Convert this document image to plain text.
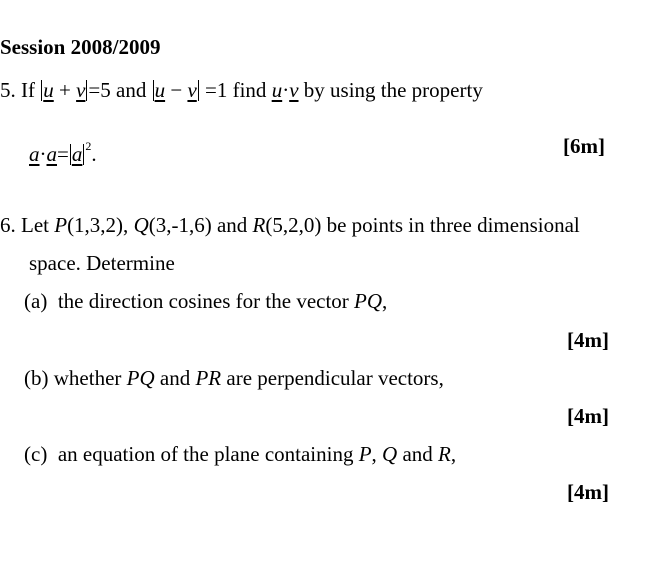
Session 2008/2009
5. If u + v =5 and u − v =1 find u·v by using the property
a·a= a $^2$.	[6m]
6. Let P(1,3,2), Q(3,-1,6) and R(5,2,0) be points in three dimensional
space. Determine
(a) the direction cosines for the vector PQ,
[4m]
(b) whether PQ and PR are perpendicular vectors,
[4m]
(c) an equation of the plane containing P, Q and R,
[4m]
